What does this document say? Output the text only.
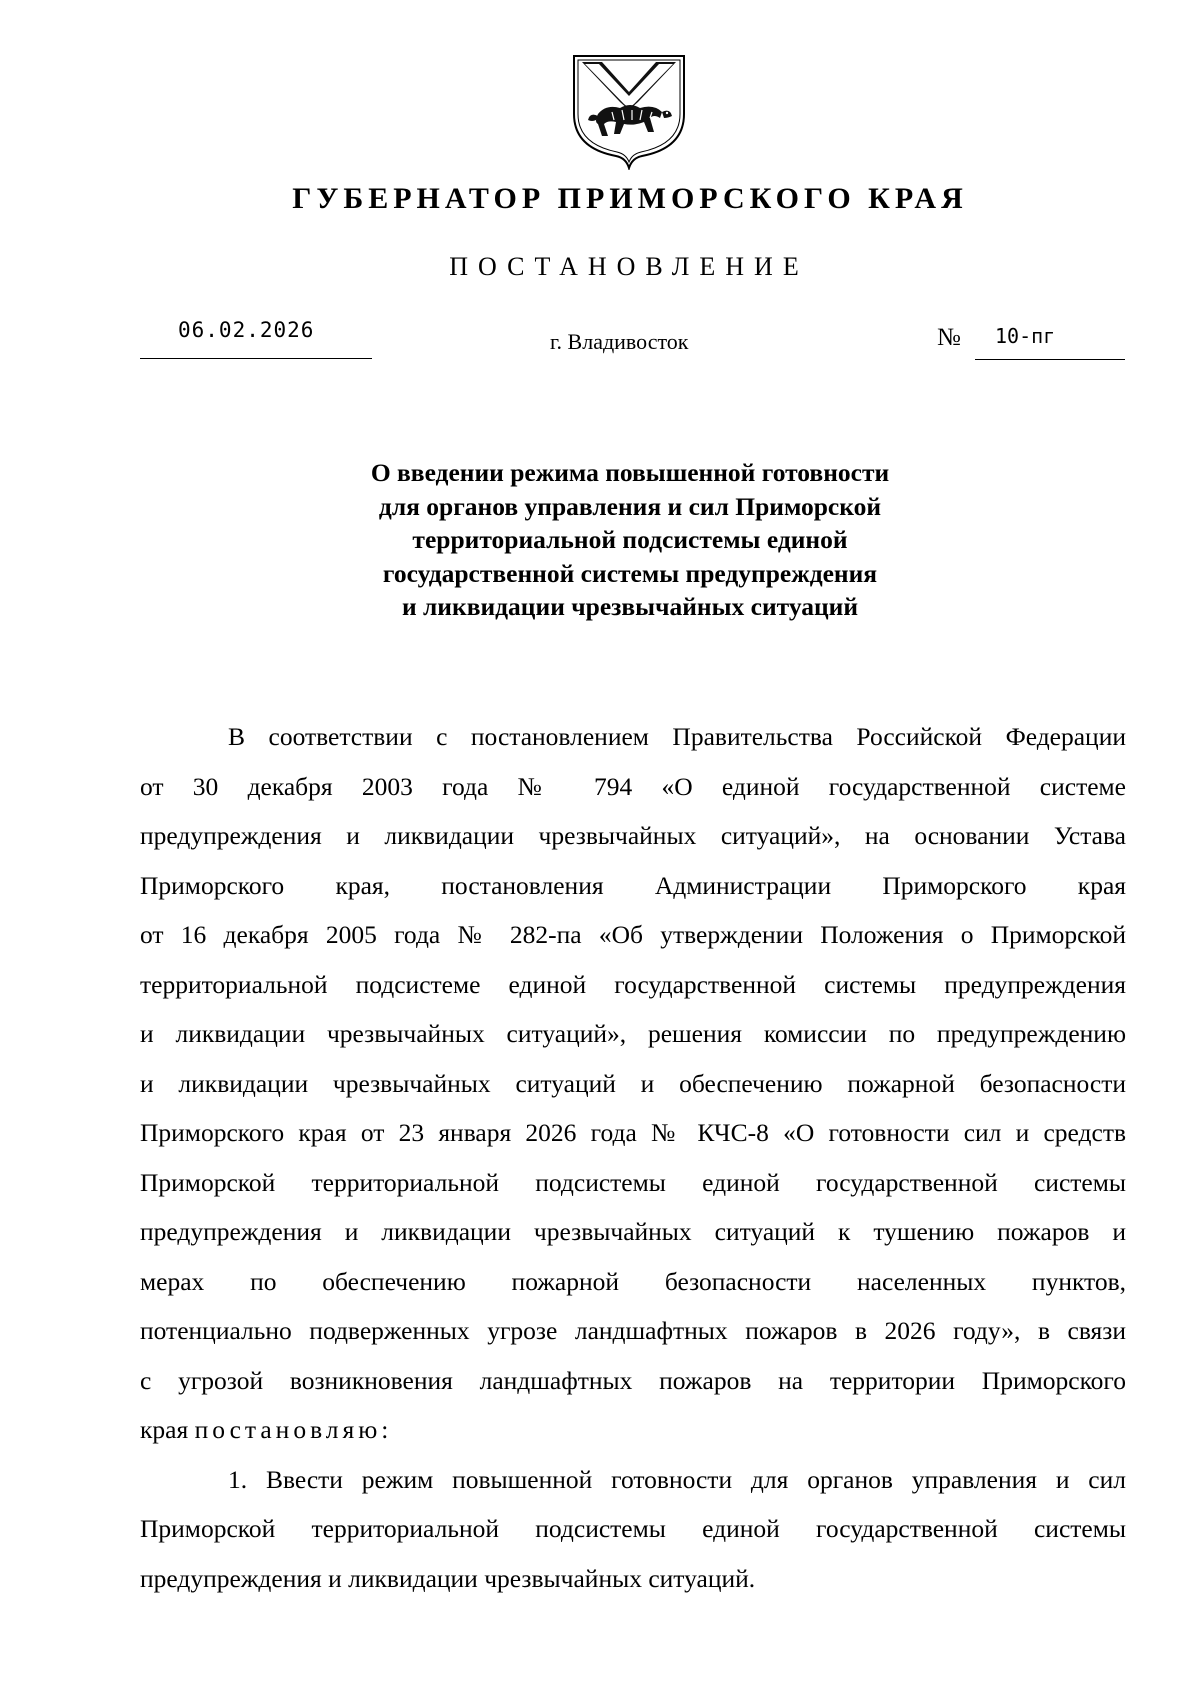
ГУБЕРНАТОР ПРИМОРСКОГО КРАЯ
ПОСТАНОВЛЕНИЕ
06.02.2026	г. Владивосток	№ 10-пг
О введении режима повышенной готовности
для органов управления и сил Приморской
территориальной подсистемы единой
государственной системы предупреждения
и ликвидации чрезвычайных ситуаций
В соответствии с постановлением Правительства Российской Федерации
от 30 декабря 2003 года № 794 «О единой государственной системе
предупреждения и ликвидации чрезвычайных ситуаций», на основании Устава
Приморского края, постановления Администрации Приморского края
от 16 декабря 2005 года № 282-па «Об утверждении Положения о Приморской
территориальной подсистеме единой государственной системы предупреждения
и ликвидации чрезвычайных ситуаций», решения комиссии по предупреждению
и ликвидации чрезвычайных ситуаций и обеспечению пожарной безопасности
Приморского края от 23 января 2026 года № КЧС-8 «О готовности сил и средств
Приморской территориальной подсистемы единой государственной системы
предупреждения и ликвидации чрезвычайных ситуаций к тушению пожаров и
мерах по обеспечению пожарной безопасности населенных пунктов,
потенциально подверженных угрозе ландшафтных пожаров в 2026 году», в связи
с угрозой возникновения ландшафтных пожаров на территории Приморского
края постановляю:
1. Ввести режим повышенной готовности для органов управления и сил
Приморской территориальной подсистемы единой государственной системы
предупреждения и ликвидации чрезвычайных ситуаций.
